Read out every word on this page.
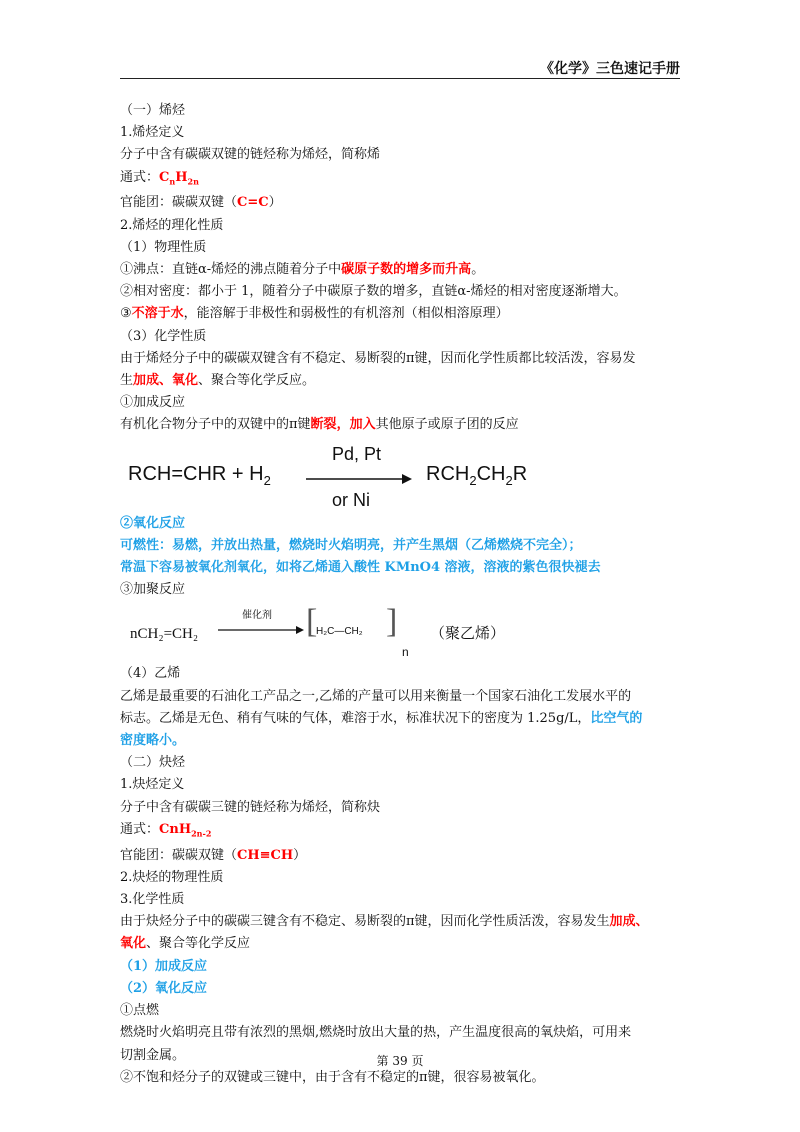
《化学》三色速记手册
（一）烯烃
1.烯烃定义
分子中含有碳碳双键的链烃称为烯烃，简称烯
通式：$C_nH_{2n}$
官能团：碳碳双键（C=C）
2.烯烃的理化性质
（1）物理性质
①沸点：直链α-烯烃的沸点随着分子中碳原子数的增多而升高。
②相对密度：都小于 1，随着分子中碳原子数的增多，直链α-烯烃的相对密度逐渐增大。
③不溶于水，能溶解于非极性和弱极性的有机溶剂（相似相溶原理）
（3）化学性质
由于烯烃分子中的碳碳双键含有不稳定、易断裂的π键，因而化学性质都比较活泼，容易发
生加成、氧化、聚合等化学反应。
①加成反应
有机化合物分子中的双键中的π键断裂，加入其他原子或原子团的反应
$RCH=CHR + H_2$
Pd, Pt
or Ni
$RCH_2CH_2R$
②氧化反应
可燃性：易燃，并放出热量，燃烧时火焰明亮，并产生黑烟（乙烯燃烧不完全）；
常温下容易被氧化剂氧化，如将乙烯通入酸性 KMnO4 溶液，溶液的紫色很快褪去
③加聚反应
nCH₂=CH₂
催化剂 [
H₂C—CH₂ ]
n
（聚乙烯）
（4）乙烯
乙烯是最重要的石油化工产品之一,乙烯的产量可以用来衡量一个国家石油化工发展水平的
标志。乙烯是无色、稍有气味的气体，难溶于水，标准状况下的密度为 1.25g/L，比空气的
密度略小。
（二）炔烃
1.炔烃定义
分子中含有碳碳三键的链烃称为烯烃，简称炔
通式：CnH$_{2n-2}$
官能团：碳碳双键（CH≡CH）
2.炔烃的物理性质
3.化学性质
由于炔烃分子中的碳碳三键含有不稳定、易断裂的π键，因而化学性质活泼，容易发生加成、
氧化、聚合等化学反应
（1）加成反应
（2）氧化反应
①点燃
燃烧时火焰明亮且带有浓烈的黑烟,燃烧时放出大量的热，产生温度很高的氧炔焰，可用来
切割金属。
②不饱和烃分子的双键或三键中，由于含有不稳定的π键，很容易被氧化。
第 39 页
